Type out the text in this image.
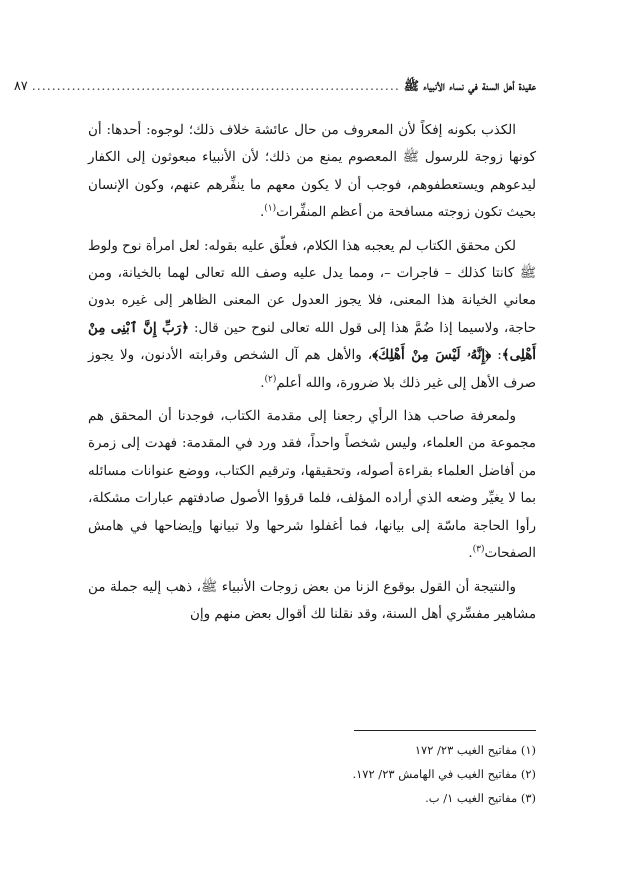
عقيدة أهل السنة في نساء الأنبياء ﷺ
..........................................................................
٨٧

الكذب بكونه إفكاً لأن المعروف من حال عائشة خلاف ذلك؛ لوجوه: أحدها: أن كونها زوجة للرسول ﷺ المعصوم يمنع من ذلك؛ لأن الأنبياء مبعوثون إلى الكفار ليدعوهم ويستعطفوهم، فوجب أن لا يكون معهم ما ينفِّرهم عنهم، وكون الإنسان بحيث تكون زوجته مسافحة من أعظم المنفِّرات$^{(١)}$.

لكن محقق الكتاب لم يعجبه هذا الكلام، فعلّق عليه بقوله: لعل امرأة نوح ولوط ﷺ كانتا كذلك – فاجرات –، ومما يدل عليه وصف الله تعالى لهما بالخيانة، ومن معاني الخيانة هذا المعنى، فلا يجوز العدول عن المعنى الظاهر إلى غيره بدون حاجة، ولاسيما إذا ضُمَّ هذا إلى قول الله تعالى لنوح حين قال: ﴿رَبِّ إِنَّ ٱبْنِى مِنْ أَهْلِى﴾: ﴿إِنَّهُۥ لَيْسَ مِنْ أَهْلِكَ﴾، والأهل هم آل الشخص وقرابته الأدنون، ولا يجوز صرف الأهل إلى غير ذلك بلا ضرورة، والله أعلم$^{(٢)}$.

ولمعرفة صاحب هذا الرأي رجعنا إلى مقدمة الكتاب، فوجدنا أن المحقق هم مجموعة من العلماء، وليس شخصاً واحداً، فقد ورد في المقدمة: فهدت إلى زمرة من أفاضل العلماء بقراءة أصوله، وتحقيقها، وترقيم الكتاب، ووضع عنوانات مسائله بما لا يغيِّر وضعه الذي أراده المؤلف، فلما قرؤوا الأصول صادفتهم عبارات مشكلة، رأوا الحاجة ماسّة إلى بيانها، فما أغفلوا شرحها ولا تبيانها وإيضاحها في هامش الصفحات$^{(٣)}$.

والنتيجة أن القول بوقوع الزنا من بعض زوجات الأنبياء ﷺ، ذهب إليه جملة من مشاهير مفسِّري أهل السنة، وقد نقلنا لك أقوال بعض منهم وإن

(١) مفاتيح الغيب ٢٣/ ١٧٢
(٢) مفاتيح الغيب في الهامش ٢٣/ ١٧٢.
(٣) مفاتيح الغيب ١/ ب.
